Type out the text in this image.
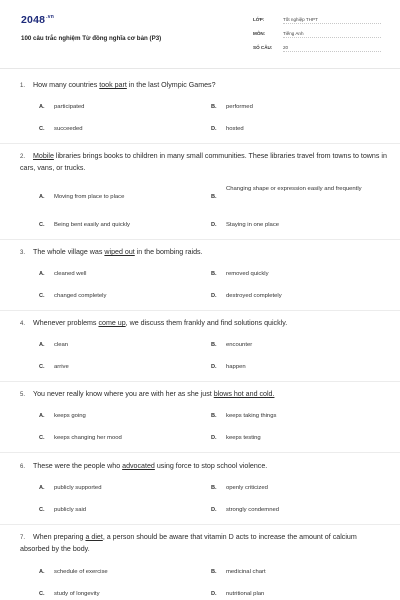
$2048^{.vn}$
100 câu trắc nghiệm Từ đồng nghĩa cơ bản (P3)
LỚP:	Tốt nghiệp THPT
MÔN:	Tiếng Anh
SỐ CÂU: 20
1. How many countries took part in the last Olympic Games?
A. participated	B. performed
C. succeeded	D. hosted
2. Mobile libraries brings books to children in many small communities. These libraries travel from towns to towns in cars, vans, or trucks.
A. Moving from place to place	B.
Changing shape or expression easily and frequently
C. Being bent easily and quickly	D. Staying in one place
3. The whole village was wiped out in the bombing raids.
A. cleaned well	B. removed quickly
C. changed completely	D. destroyed completely
4. Whenever problems come up, we discuss them frankly and find solutions quickly.
A. clean	B. encounter
C. arrive	D. happen
5. You never really know where you are with her as she just blows hot and cold.
A. keeps going	B. keeps taking things
C. keeps changing her mood	D. keeps testing
6. These were the people who advocated using force to stop school violence.
A. publicly supported	B. openly criticized
C. publicly said	D. strongly condemned
7. When preparing a diet, a person should be aware that vitamin D acts to increase the amount of calcium absorbed by the body.
A. schedule of exercise	B. medicinal chart
C. study of longevity	D. nutritional plan
